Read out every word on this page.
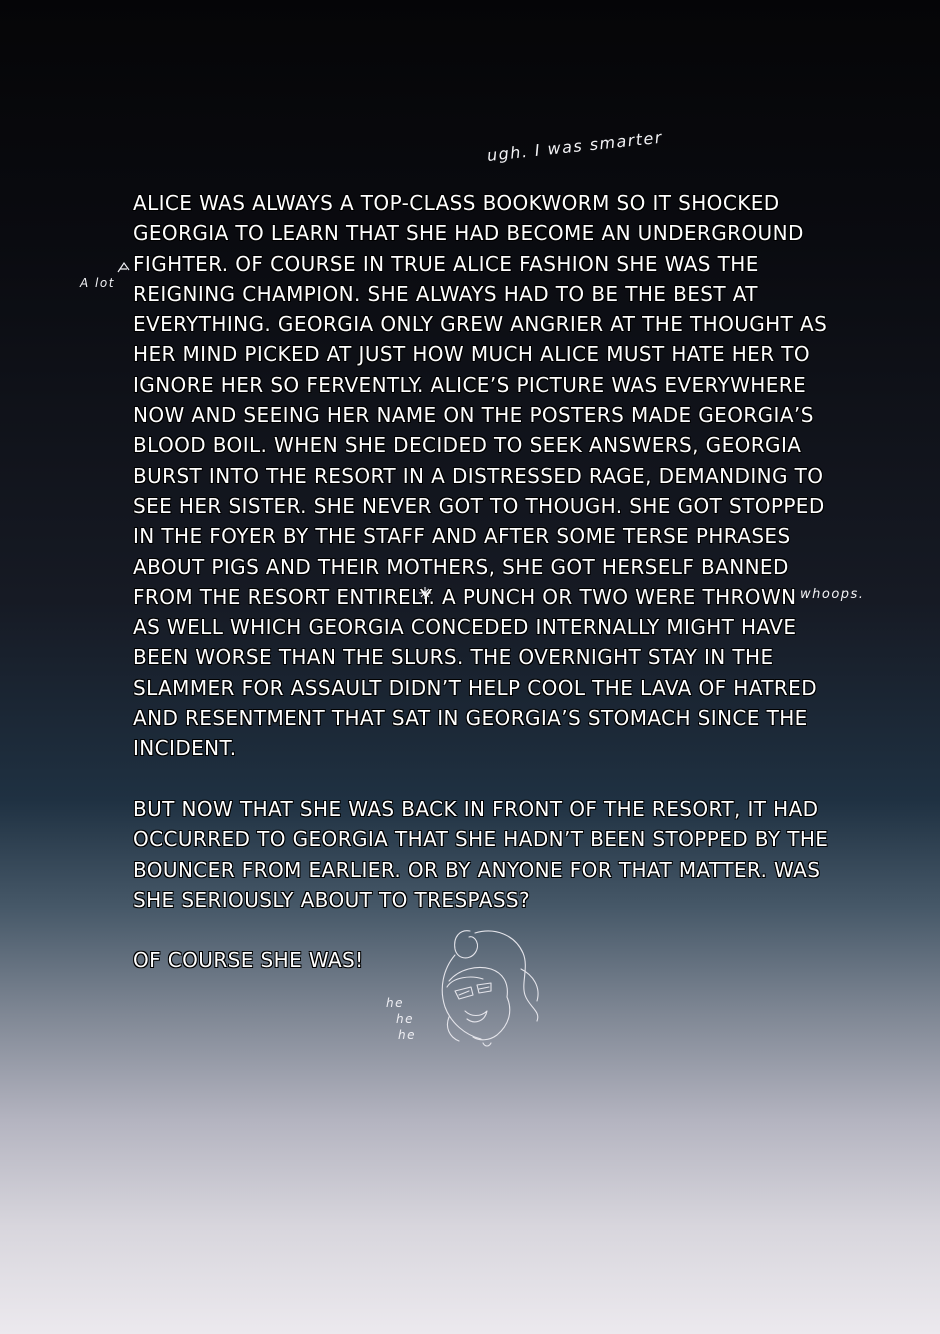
ALICE WAS ALWAYS A TOP-CLASS BOOKWORM SO IT SHOCKED
GEORGIA TO LEARN THAT SHE HAD BECOME AN UNDERGROUND
FIGHTER. OF COURSE IN TRUE ALICE FASHION SHE WAS THE
REIGNING CHAMPION. SHE ALWAYS HAD TO BE THE BEST AT
EVERYTHING. GEORGIA ONLY GREW ANGRIER AT THE THOUGHT AS
HER MIND PICKED AT JUST HOW MUCH ALICE MUST HATE HER TO
IGNORE HER SO FERVENTLY. ALICE’S PICTURE WAS EVERYWHERE
NOW AND SEEING HER NAME ON THE POSTERS MADE GEORGIA’S
BLOOD BOIL. WHEN SHE DECIDED TO SEEK ANSWERS, GEORGIA
BURST INTO THE RESORT IN A DISTRESSED RAGE, DEMANDING TO
SEE HER SISTER. SHE NEVER GOT TO THOUGH. SHE GOT STOPPED
IN THE FOYER BY THE STAFF AND AFTER SOME TERSE PHRASES
ABOUT PIGS AND THEIR MOTHERS, SHE GOT HERSELF BANNED
FROM THE RESORT ENTIRELY. A PUNCH OR TWO WERE THROWN
AS WELL WHICH GEORGIA CONCEDED INTERNALLY MIGHT HAVE
BEEN WORSE THAN THE SLURS. THE OVERNIGHT STAY IN THE
SLAMMER FOR ASSAULT DIDN’T HELP COOL THE LAVA OF HATRED
AND RESENTMENT THAT SAT IN GEORGIA’S STOMACH SINCE THE
INCIDENT.
BUT NOW THAT SHE WAS BACK IN FRONT OF THE RESORT, IT HAD
OCCURRED TO GEORGIA THAT SHE HADN’T BEEN STOPPED BY THE
BOUNCER FROM EARLIER. OR BY ANYONE FOR THAT MATTER. WAS
SHE SERIOUSLY ABOUT TO TRESPASS?
OF COURSE SHE WAS!
ugh. I was smarter
A lot
whoops.
he
he
he
